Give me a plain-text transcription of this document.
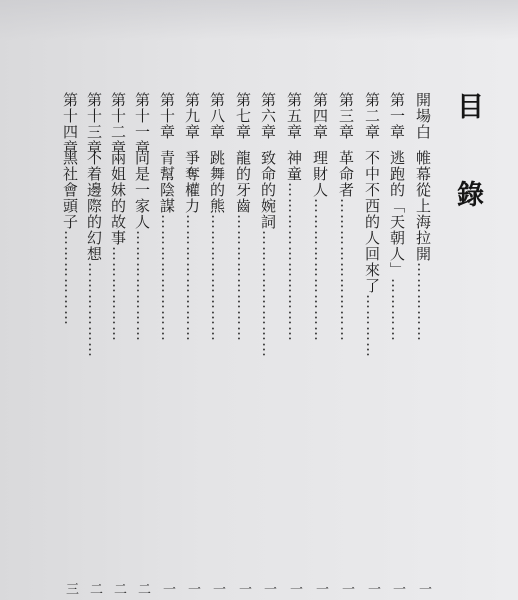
目 錄
開場白帷幕從上海拉開……………
一
第一章逃跑的「天朝人」…………
一
第二章不中不西的人回來了…………
一
第三章革命者………………………
一
第四章理財人………………………
一
第五章神童…………………………
一
第六章致命的婉詞……………………
一
第七章龍的牙齒……………………
一
第八章跳舞的熊……………………
一
第九章爭奪權力……………………
一
第十章青幫陰謀……………………
一
第十一章同是一家人…………………
二
第十二章兩姐妹的故事………………
二
第十三章不着邊際的幻想………………
二
第十四章黑社會頭子………………
三
